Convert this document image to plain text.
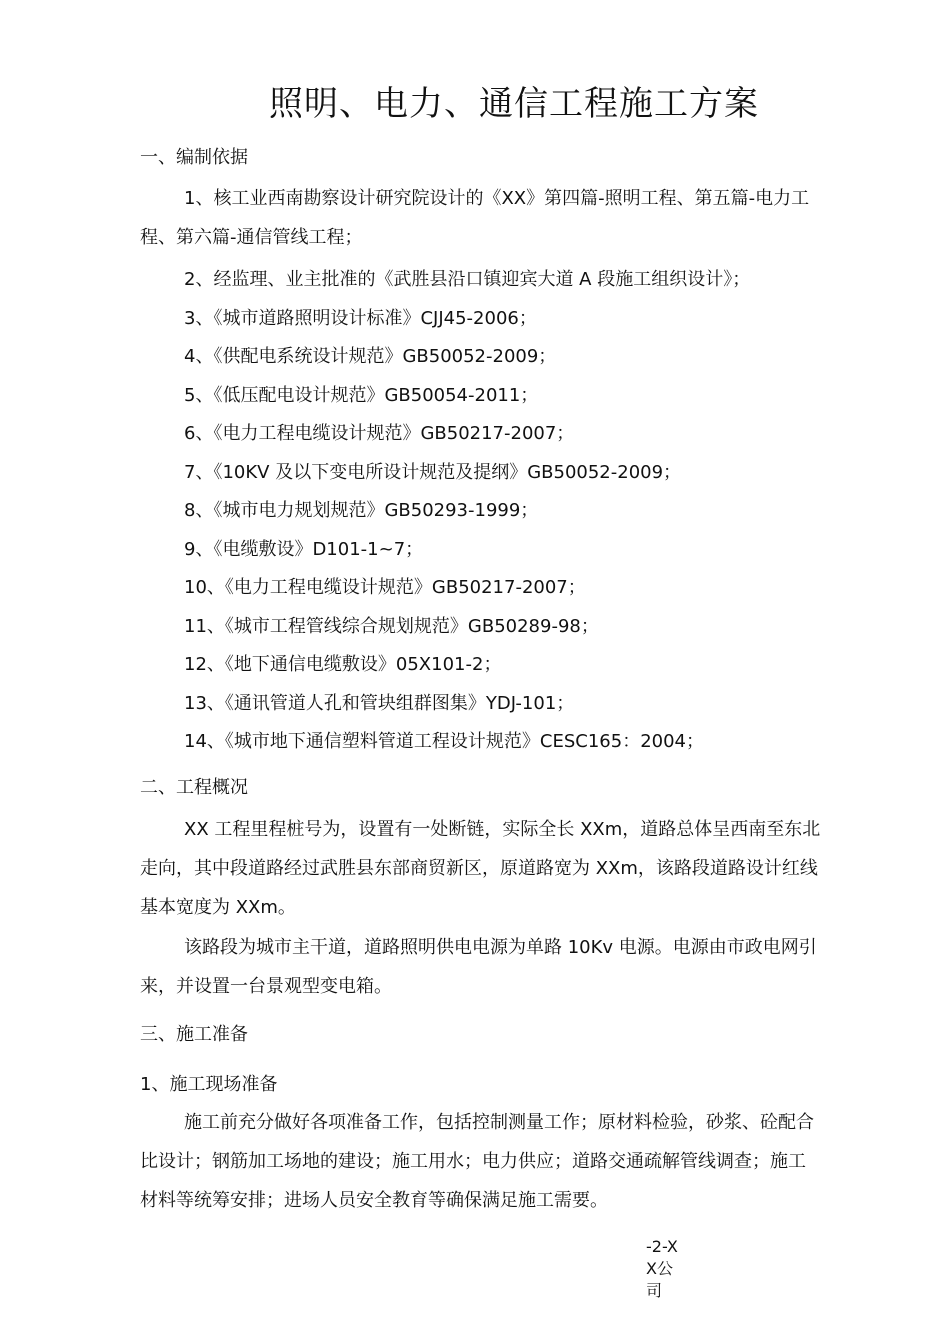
照明、电力、通信工程施工方案
一、编制依据
1、核工业西南勘察设计研究院设计的《XX》第四篇-照明工程、第五篇-电力工
程、第六篇-通信管线工程；
2、经监理、业主批准的《武胜县沿口镇迎宾大道 A 段施工组织设计》；
3、《城市道路照明设计标准》CJJ45-2006；
4、《供配电系统设计规范》GB50052-2009；
5、《低压配电设计规范》GB50054-2011；
6、《电力工程电缆设计规范》GB50217-2007；
7、《10KV 及以下变电所设计规范及提纲》GB50052-2009；
8、《城市电力规划规范》GB50293-1999；
9、《电缆敷设》D101-1~7；
10、《电力工程电缆设计规范》GB50217-2007；
11、《城市工程管线综合规划规范》GB50289-98；
12、《地下通信电缆敷设》05X101-2；
13、《通讯管道人孔和管块组群图集》YDJ-101；
14、《城市地下通信塑料管道工程设计规范》CESC165：2004；
二、工程概况
XX 工程里程桩号为，设置有一处断链，实际全长 XXm，道路总体呈西南至东北
走向，其中段道路经过武胜县东部商贸新区，原道路宽为 XXm，该路段道路设计红线
基本宽度为 XXm。
该路段为城市主干道，道路照明供电电源为单路 10Kv 电源。电源由市政电网引
来，并设置一台景观型变电箱。
三、施工准备
1、施工现场准备
施工前充分做好各项准备工作，包括控制测量工作；原材料检验，砂浆、砼配合
比设计；钢筋加工场地的建设；施工用水；电力供应；道路交通疏解管线调查；施工
材料等统筹安排；进场人员安全教育等确保满足施工需要。
-2-XX公司
